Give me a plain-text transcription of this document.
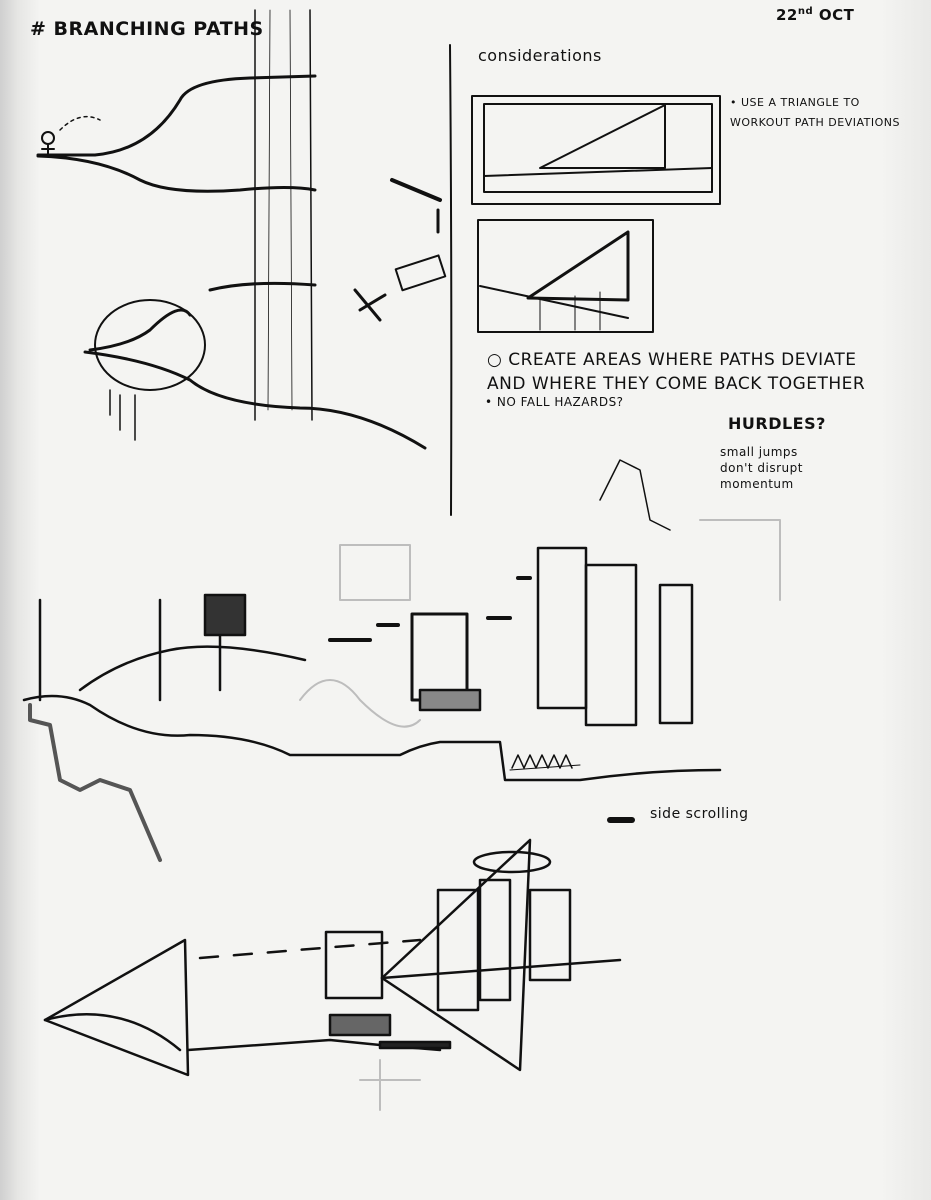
# BRANCHING PATHS
22nd OCT
considerations
• USE A TRIANGLE TO
WORKOUT PATH DEVIATIONS
○ CREATE AREAS WHERE PATHS DEVIATE
AND WHERE THEY COME BACK TOGETHER
• NO FALL HAZARDS?
HURDLES?
small jumps
don't disrupt
momentum
side scrolling
